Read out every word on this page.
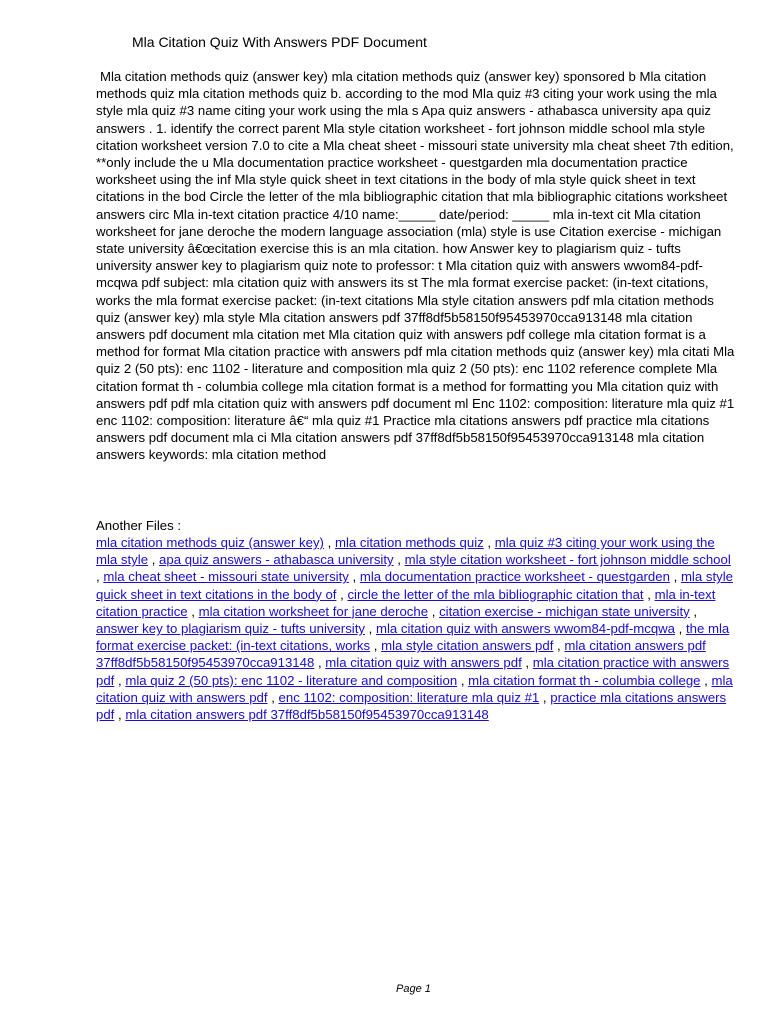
Mla Citation Quiz With Answers PDF Document
Mla citation methods quiz (answer key) mla citation methods quiz (answer key) sponsored b Mla citation methods quiz mla citation methods quiz b. according to the mod Mla quiz #3 citing your work using the mla style mla quiz #3 name citing your work using the mla s Apa quiz answers - athabasca university apa quiz answers . 1. identify the correct parent Mla style citation worksheet - fort johnson middle school mla style citation worksheet version 7.0 to cite a Mla cheat sheet - missouri state university mla cheat sheet 7th edition, **only include the u Mla documentation practice worksheet - questgarden mla documentation practice worksheet using the inf Mla style quick sheet in text citations in the body of mla style quick sheet in text citations in the bod Circle the letter of the mla bibliographic citation that mla bibliographic citations worksheet answers circ Mla in-text citation practice 4/10 name:_____ date/period: _____ mla in-text cit Mla citation worksheet for jane deroche the modern language association (mla) style is use Citation exercise - michigan state university â€œcitation exercise this is an mla citation. how Answer key to plagiarism quiz - tufts university answer key to plagiarism quiz note to professor: t Mla citation quiz with answers wwom84-pdf-mcqwa pdf subject: mla citation quiz with answers its st The mla format exercise packet: (in-text citations, works the mla format exercise packet: (in-text citations Mla style citation answers pdf mla citation methods quiz (answer key) mla style Mla citation answers pdf 37ff8df5b58150f95453970cca913148 mla citation answers pdf document mla citation met Mla citation quiz with answers pdf college mla citation format is a method for format Mla citation practice with answers pdf mla citation methods quiz (answer key) mla citati Mla quiz 2 (50 pts): enc 1102 - literature and composition mla quiz 2 (50 pts): enc 1102 reference complete Mla citation format th - columbia college mla citation format is a method for formatting you Mla citation quiz with answers pdf pdf mla citation quiz with answers pdf document ml Enc 1102: composition: literature mla quiz #1 enc 1102: composition: literature â€“ mla quiz #1 Practice mla citations answers pdf practice mla citations answers pdf document mla ci Mla citation answers pdf 37ff8df5b58150f95453970cca913148 mla citation answers keywords: mla citation method
Another Files :
mla citation methods quiz (answer key) , mla citation methods quiz , mla quiz #3 citing your work using the mla style , apa quiz answers - athabasca university , mla style citation worksheet - fort johnson middle school , mla cheat sheet - missouri state university , mla documentation practice worksheet - questgarden , mla style quick sheet in text citations in the body of , circle the letter of the mla bibliographic citation that , mla in-text citation practice , mla citation worksheet for jane deroche , citation exercise - michigan state university , answer key to plagiarism quiz - tufts university , mla citation quiz with answers wwom84-pdf-mcqwa , the mla format exercise packet: (in-text citations, works , mla style citation answers pdf , mla citation answers pdf 37ff8df5b58150f95453970cca913148 , mla citation quiz with answers pdf , mla citation practice with answers pdf , mla quiz 2 (50 pts): enc 1102 - literature and composition , mla citation format th - columbia college , mla citation quiz with answers pdf , enc 1102: composition: literature mla quiz #1 , practice mla citations answers pdf , mla citation answers pdf 37ff8df5b58150f95453970cca913148
Page 1
